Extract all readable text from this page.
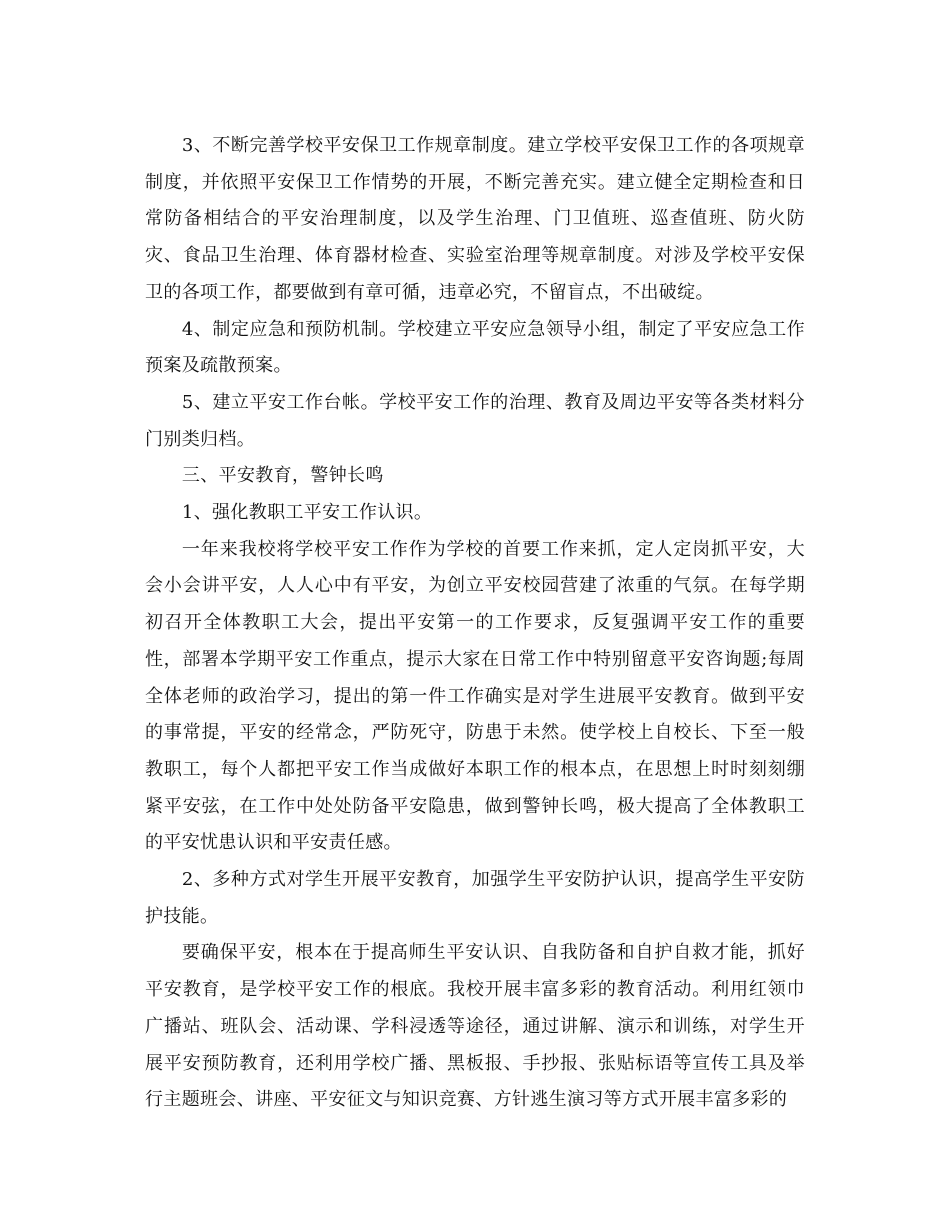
3、不断完善学校平安保卫工作规章制度。建立学校平安保卫工作的各项规章制度，并依照平安保卫工作情势的开展，不断完善充实。建立健全定期检查和日常防备相结合的平安治理制度，以及学生治理、门卫值班、巡查值班、防火防灾、食品卫生治理、体育器材检查、实验室治理等规章制度。对涉及学校平安保卫的各项工作，都要做到有章可循，违章必究，不留盲点，不出破绽。

4、制定应急和预防机制。学校建立平安应急领导小组，制定了平安应急工作预案及疏散预案。

5、建立平安工作台帐。学校平安工作的治理、教育及周边平安等各类材料分门别类归档。

三、平安教育，警钟长鸣

1、强化教职工平安工作认识。

一年来我校将学校平安工作作为学校的首要工作来抓，定人定岗抓平安，大会小会讲平安，人人心中有平安，为创立平安校园营建了浓重的气氛。在每学期初召开全体教职工大会，提出平安第一的工作要求，反复强调平安工作的重要性，部署本学期平安工作重点，提示大家在日常工作中特别留意平安咨询题;每周全体老师的政治学习，提出的第一件工作确实是对学生进展平安教育。做到平安的事常提，平安的经常念，严防死守，防患于未然。使学校上自校长、下至一般教职工，每个人都把平安工作当成做好本职工作的根本点，在思想上时时刻刻绷紧平安弦，在工作中处处防备平安隐患，做到警钟长鸣，极大提高了全体教职工的平安忧患认识和平安责任感。

2、多种方式对学生开展平安教育，加强学生平安防护认识，提高学生平安防护技能。

要确保平安，根本在于提高师生平安认识、自我防备和自护自救才能，抓好平安教育，是学校平安工作的根底。我校开展丰富多彩的教育活动。利用红领巾广播站、班队会、活动课、学科浸透等途径，通过讲解、演示和训练，对学生开展平安预防教育，还利用学校广播、黑板报、手抄报、张贴标语等宣传工具及举行主题班会、讲座、平安征文与知识竞赛、方针逃生演习等方式开展丰富多彩的
